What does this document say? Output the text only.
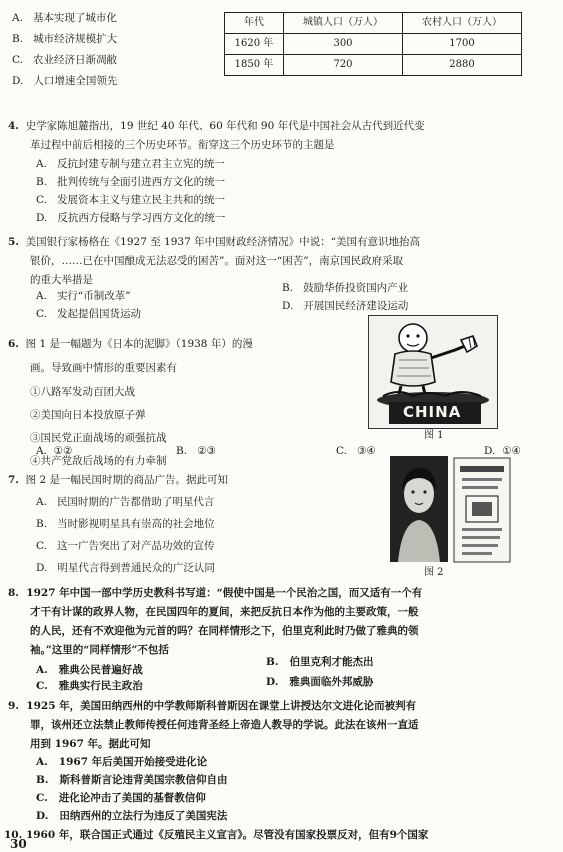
A. 基本实现了城市化
B. 城市经济规模扩大
C. 农业经济日渐凋敝
D. 人口增速全国领先
年代	城镇人口（万人）	农村人口（万人）
1620 年	300	1700
1850 年	720	2880
4. 史学家陈旭麓指出，19 世纪 40 年代、60 年代和 90 年代是中国社会从古代到近代变
革过程中前后相接的三个历史环节。衔穿这三个历史环节的主题是
A. 反抗封建专制与建立君主立宪的统一
B. 批判传统与全面引进西方文化的统一
C. 发展资本主义与建立民主共和的统一
D. 反抗西方侵略与学习西方文化的统一
5. 美国银行家杨格在《1927 至 1937 年中国财政经济情况》中说：“美国有意识地抬高
银价，……已在中国酿成无法忍受的困苦”。面对这一“困苦”，南京国民政府采取
的重大举措是
A. 实行“币制改革”
B. 鼓励华侨投资国内产业
C. 发起提倡国货运动
D. 开展国民经济建设运动
6. 图 1 是一幅题为《日本的泥脚》（1938 年）的漫
画。导致画中情形的重要因素有
①八路军发动百团大战
②美国向日本投放原子弹
③国民党正面战场的顽强抗战
④共产党敌后战场的有力牵制
CHINA
图 1
A. ①②	B. ②③	C. ③④	D. ①④
7. 图 2 是一幅民国时期的商品广告。据此可知
A. 民国时期的广告都借助了明星代言
B. 当时影视明星具有崇高的社会地位
C. 这一广告突出了对产品功效的宣传
D. 明星代言得到普通民众的广泛认同	图 2
8. 1927 年中国一部中学历史教科书写道：“假使中国是一个民治之国，而又适有一个有
才干有计谋的政界人物，在民国四年的夏间，来把反抗日本作为他的主要政策，一般
的人民，还有不欢迎他为元首的吗？在同样情形之下，伯里克利此时乃做了雅典的领
袖。”这里的“同样情形”不包括
A. 雅典公民普遍好战
B. 伯里克利才能杰出
C. 雅典实行民主政治	D. 雅典面临外邦威胁
9. 1925 年，美国田纳西州的中学教师斯科普斯因在课堂上讲授达尔文进化论而被判有
罪，该州还立法禁止教师传授任何违背圣经上帝造人教导的学说。此法在该州一直适
用到 1967 年。据此可知
A. 1967 年后美国开始接受进化论
B. 斯科普斯言论违背美国宗教信仰自由
C. 进化论冲击了美国的基督教信仰
D. 田纳西州的立法行为违反了美国宪法
10. 1960 年，联合国正式通过《反殖民主义宣言》。尽管没有国家投票反对，但有9个国家
30
